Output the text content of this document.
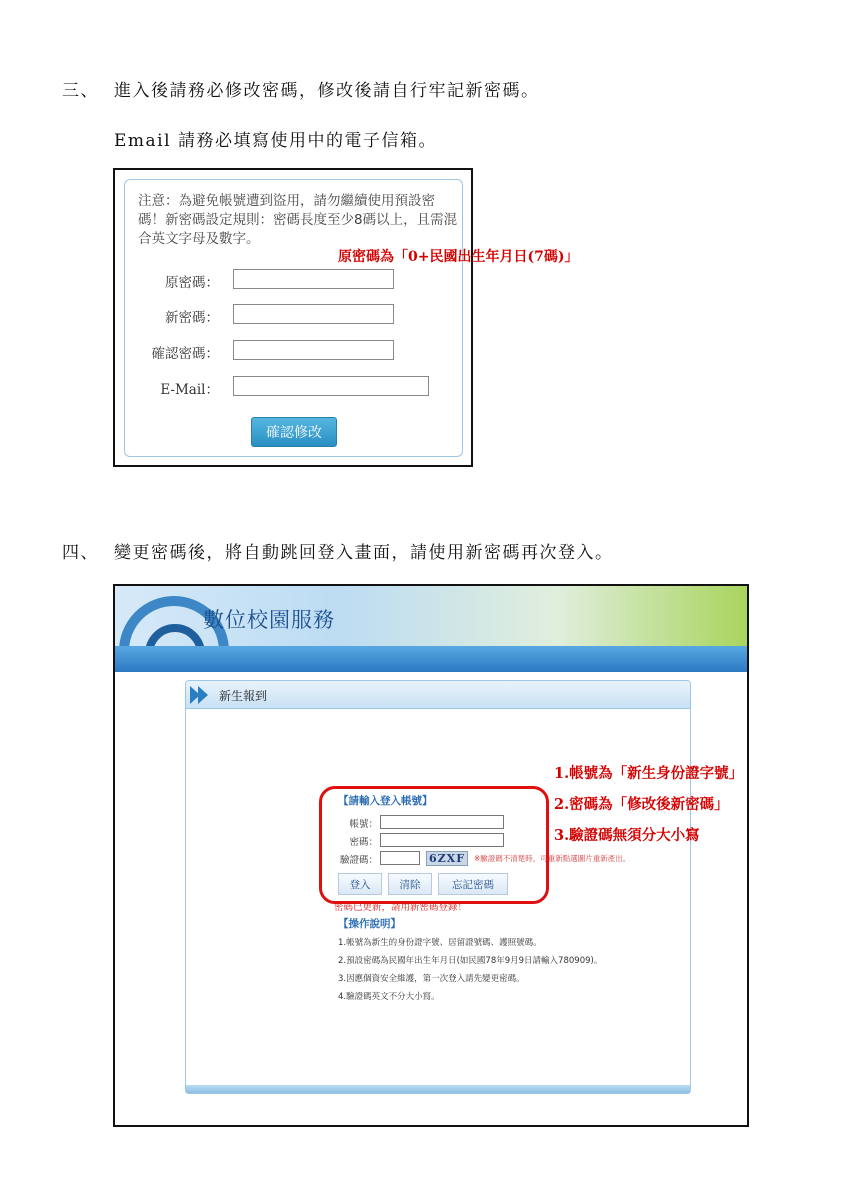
三、 進入後請務必修改密碼，修改後請自行牢記新密碼。
Email 請務必填寫使用中的電子信箱。
注意：為避免帳號遭到盜用，請勿繼續使用預設密碼！新密碼設定規則：密碼長度至少8碼以上，且需混合英文字母及數字。
原密碼：
新密碼：
確認密碼：
E-Mail：
確認修改
原密碼為「0+民國出生年月日(7碼)」
四、 變更密碼後，將自動跳回登入畫面，請使用新密碼再次登入。
數位校園服務
新生報到
【請輸入登入帳號】
帳號：
密碼：
驗證碼：	6ZXF	※驗證碼不清楚時，可重新點選圖片重新產出。
登入	清除	忘記密碼
密碼已更新，請用新密碼登錄！
【操作說明】
1.帳號為新生的身份證字號、居留證號碼、護照號碼。
2.預設密碼為民國年出生年月日(如民國78年9月9日請輸入780909)。
3.因應個資安全維護，第一次登入請先變更密碼。
4.驗證碼英文不分大小寫。
1.帳號為「新生身份證字號」
2.密碼為「修改後新密碼」
3.驗證碼無須分大小寫
